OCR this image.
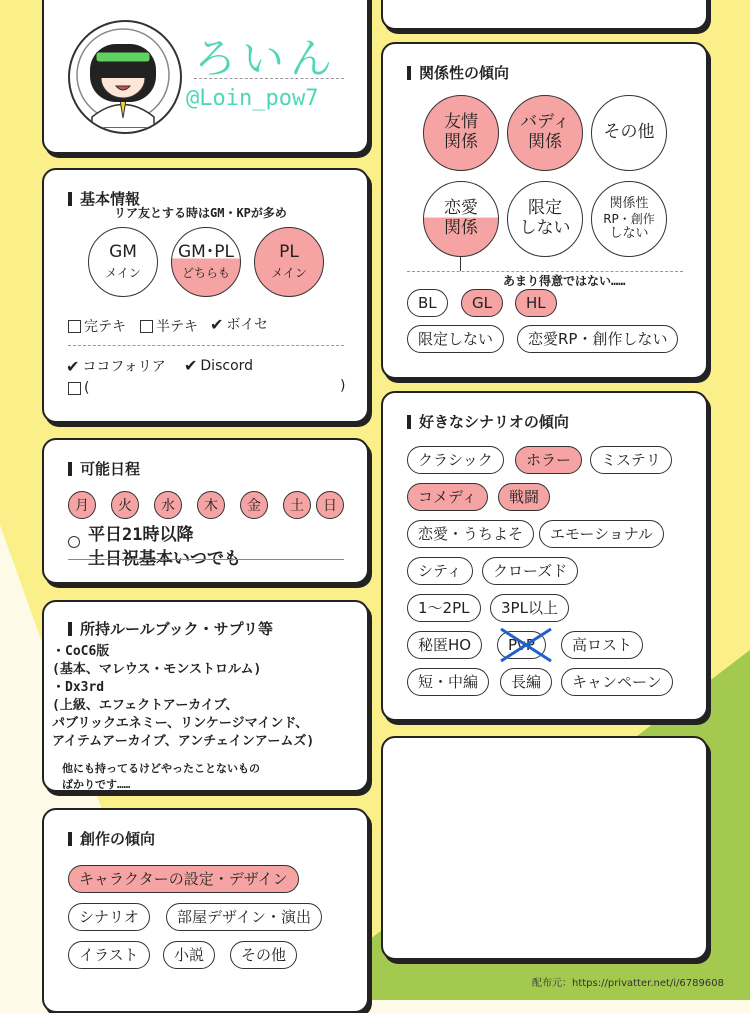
ろいん
@Loin_pow7
基本情報
リア友とする時はGM・KPが多め
GM
メイン
GM･PL
どちらも
PL
メイン
完テキ 半テキ ✔ ボイセ
✔ ココフォリア ✔ Discord
(	)
可能日程
月	火	水	木	金	土	日
平日21時以降
土日祝基本いつでも
所持ルールブック・サプリ等
・CoC6版
(基本、マレウス・モンストロルム)
・Dx3rd
(上級、エフェクトアーカイブ、
パブリックエネミー、リンケージマインド、
アイテムアーカイブ、アンチェインアームズ)
他にも持ってるけどやったことないもの
ばかりです……
創作の傾向
キャラクターの設定・デザイン
シナリオ	部屋デザイン・演出
イラスト	小説	その他
関係性の傾向
友情
関係
バディ
関係 その他
恋愛
関係
限定
しない
関係性
RP・創作
しない
あまり得意ではない……
BL	GL	HL
限定しない	恋愛RP・創作しない
好きなシナリオの傾向
クラシック	ホラー	ミステリ
コメディ	戦闘
恋愛・うちよそ	エモーショナル
シティ	クローズド
1～2PL	3PL以上
秘匿HO	PvP	高ロスト
短・中編	長編	キャンペーン
配布元：https://privatter.net/i/6789608
